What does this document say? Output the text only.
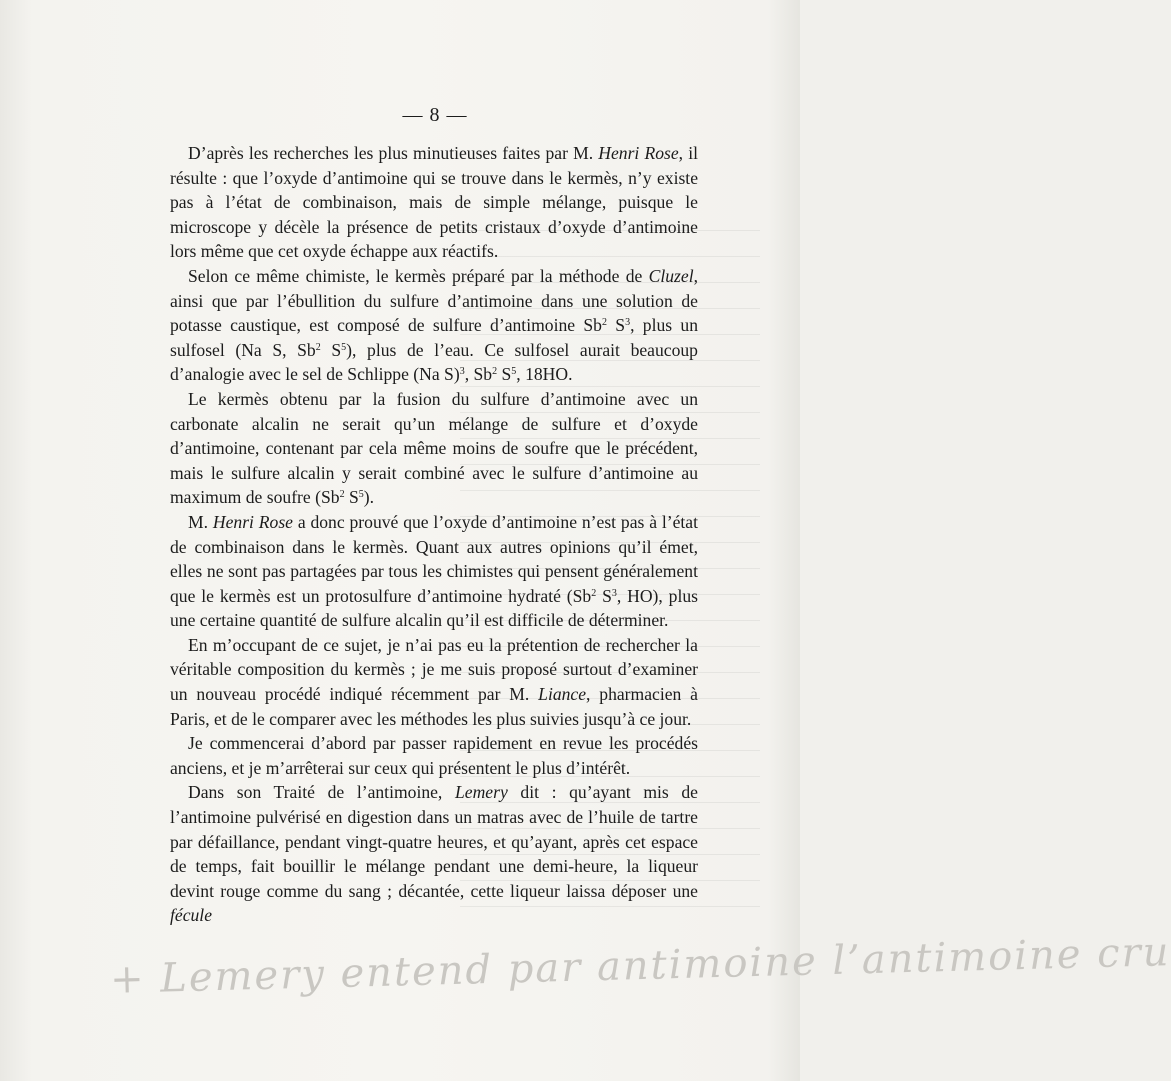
— 8 —

D’après les recherches les plus minutieuses faites par M. Henri Rose, il résulte : que l’oxyde d’antimoine qui se trouve dans le kermès, n’y existe pas à l’état de combinaison, mais de simple mélange, puisque le microscope y décèle la présence de petits cristaux d’oxyde d’antimoine lors même que cet oxyde échappe aux réactifs.

Selon ce même chimiste, le kermès préparé par la méthode de Cluzel, ainsi que par l’ébullition du sulfure d’antimoine dans une solution de potasse caustique, est composé de sulfure d’antimoine Sb$^2$ $S^3$, plus un sulfosel (Na S, Sb$^2$ $S^5$), plus de l’eau. Ce sulfosel aurait beaucoup d’analogie avec le sel de Schlippe (Na S)$^3$, Sb$^2$ $S^5$, 18HO.

Le kermès obtenu par la fusion du sulfure d’antimoine avec un carbonate alcalin ne serait qu’un mélange de sulfure et d’oxyde d’antimoine, contenant par cela même moins de soufre que le précédent, mais le sulfure alcalin y serait combiné avec le sulfure d’antimoine au maximum de soufre (Sb$^2$ $S^5$).

M. Henri Rose a donc prouvé que l’oxyde d’antimoine n’est pas à l’état de combinaison dans le kermès. Quant aux autres opinions qu’il émet, elles ne sont pas partagées par tous les chimistes qui pensent généralement que le kermès est un protosulfure d’antimoine hydraté (Sb$^2$ $S^3$, HO), plus une certaine quantité de sulfure alcalin qu’il est difficile de déterminer.

En m’occupant de ce sujet, je n’ai pas eu la prétention de rechercher la véritable composition du kermès ; je me suis proposé surtout d’examiner un nouveau procédé indiqué récemment par M. Liance, pharmacien à Paris, et de le comparer avec les méthodes les plus suivies jusqu’à ce jour.

Je commencerai d’abord par passer rapidement en revue les procédés anciens, et je m’arrêterai sur ceux qui présentent le plus d’intérêt.

Dans son Traité de l’antimoine, Lemery dit : qu’ayant mis de l’antimoine pulvérisé en digestion dans un matras avec de l’huile de tartre par défaillance, pendant vingt-quatre heures, et qu’ayant, après cet espace de temps, fait bouillir le mélange pendant une demi-heure, la liqueur devint rouge comme du sang ; décantée, cette liqueur laissa déposer une fécule

+ Lemery entend par antimoine l’antimoine cru
